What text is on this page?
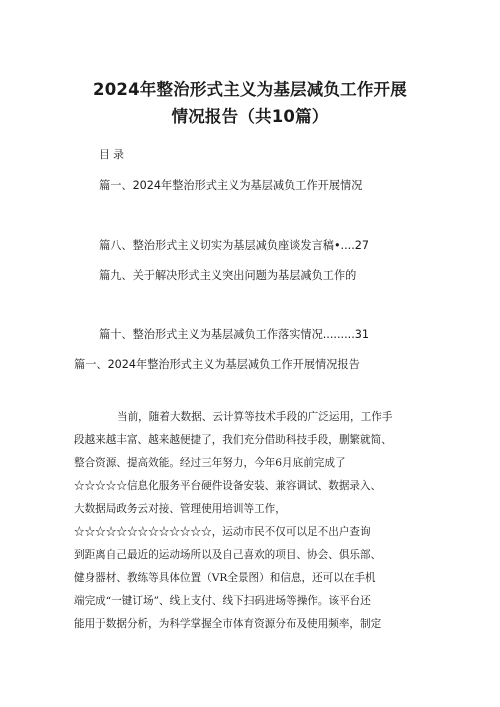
2024年整治形式主义为基层减负工作开展
情况报告（共10篇）
目录
篇一、2024年整治形式主义为基层减负工作开展情况
篇八、整治形式主义切实为基层减负座谈发言稿•....27
篇九、关于解决形式主义突出问题为基层减负工作的
篇十、整治形式主义为基层减负工作落实情况.........31
篇一、2024年整治形式主义为基层减负工作开展情况报告
当前，随着大数据、云计算等技术手段的广泛运用，工作手
段越来越丰富、越来越便捷了，我们充分借助科技手段，删繁就简、
整合资源、提高效能。经过三年努力，今年6月底前完成了
☆☆☆☆☆信息化服务平台硬件设备安装、兼容调试、数据录入、
大数据局政务云对接、管理使用培训等工作，
☆☆☆☆☆☆☆☆☆☆☆☆☆，运动市民不仅可以足不出户查询
到距离自己最近的运动场所以及自己喜欢的项目、协会、俱乐部、
健身器材、教练等具体位置（VR全景图）和信息，还可以在手机
端完成“一键订场”、线上支付、线下扫码进场等操作。该平台还
能用于数据分析，为科学掌握全市体育资源分布及使用频率，制定
